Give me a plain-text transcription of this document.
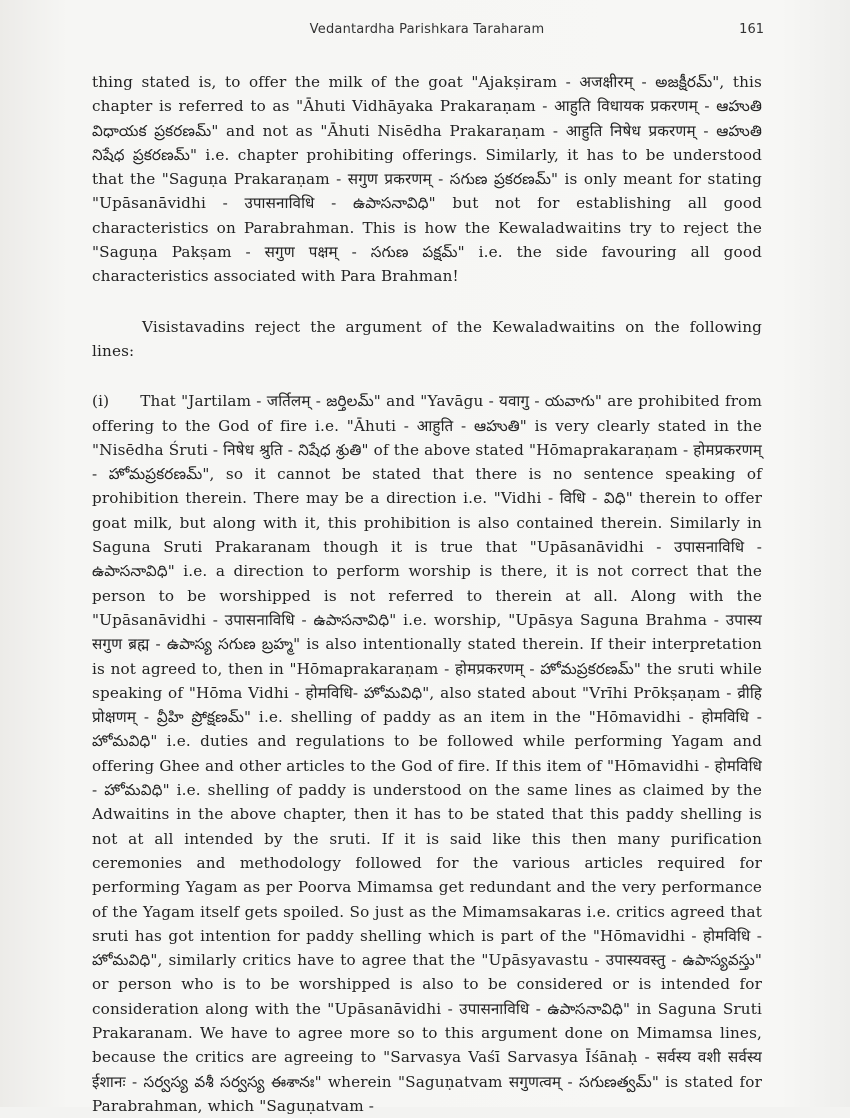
Vedantardha Parishkara Taraharam	161

thing stated is, to offer the milk of the goat "Ajakṣiram - अजक्षीरम् - అజక్షీరమ్", this chapter is referred to as "Āhuti Vidhāyaka Prakaraṇam - आहुति विधायक प्रकरणम् - ఆహుతి విధాయక ప్రకరణమ్" and not as "Āhuti Nisēdha Prakaraṇam - आहुति निषेध प्रकरणम् - ఆహుతి నిషేధ ప్రకరణమ్" i.e. chapter prohibiting offerings. Similarly, it has to be understood that the "Saguṇa Prakaraṇam - सगुण प्रकरणम् - సగుణ ప్రకరణమ్" is only meant for stating "Upāsanāvidhi - उपासनाविधि - ఉపాసనావిధి" but not for establishing all good characteristics on Parabrahman. This is how the Kewaladwaitins try to reject the "Saguṇa Pakṣam - सगुण पक्षम् - సగుణ పక్షమ్" i.e. the side favouring all good characteristics associated with Para Brahman!

Visistavadins reject the argument of the Kewaladwaitins on the following lines:

(i)      That "Jartilam - जर्तिलम् - జర్తిలమ్" and "Yavāgu - यवागु - యవాగు" are prohibited from offering to the God of fire i.e. "Āhuti - आहुति - ఆహుతి" is very clearly stated in the "Nisēdha Śruti - निषेध श्रुति - నిషేధ శ్రుతి" of the above stated "Hōmaprakaraṇam - होमप्रकरणम् - హోమప్రకరణమ్", so it cannot be stated that there is no sentence speaking of prohibition therein. There may be a direction i.e. "Vidhi - विधि - విధి" therein to offer goat milk, but along with it, this prohibition is also contained therein. Similarly in Saguna Sruti Prakaranam though it is true that "Upāsanāvidhi - उपासनाविधि - ఉపాసనావిధి" i.e. a direction to perform worship is there, it is not correct that the person to be worshipped is not referred to therein at all. Along with the "Upāsanāvidhi - उपासनाविधि - ఉపాసనావిధి" i.e. worship, "Upāsya Saguna Brahma - उपास्य सगुण ब्रह्म - ఉపాస్య సగుణ బ్రహ్మ" is also intentionally stated therein. If their interpretation is not agreed to, then in "Hōmaprakaraṇam - होमप्रकरणम् - హోమప్రకరణమ్" the sruti while speaking of "Hōma Vidhi - होमविधि- హోమవిధి", also stated about "Vrīhi Prōkṣaṇam - व्रीहि प्रोक्षणम् - వ్రీహి ప్రోక్షణమ్" i.e. shelling of paddy as an item in the "Hōmavidhi - होमविधि - హోమవిధి" i.e. duties and regulations to be followed while performing Yagam and offering Ghee and other articles to the God of fire. If this item of "Hōmavidhi - होमविधि - హోమవిధి" i.e. shelling of paddy is understood on the same lines as claimed by the Adwaitins in the above chapter, then it has to be stated that this paddy shelling is not at all intended by the sruti. If it is said like this then many purification ceremonies and methodology followed for the various articles required for performing Yagam as per Poorva Mimamsa get redundant and the very performance of the Yagam itself gets spoiled. So just as the Mimamsakaras i.e. critics agreed that sruti has got intention for paddy shelling which is part of the "Hōmavidhi - होमविधि - హోమవిధి", similarly critics have to agree that the "Upāsyavastu - उपास्यवस्तु - ఉపాస్యవస్తు" or person who is to be worshipped is also to be considered or is intended for consideration along with the "Upāsanāvidhi - उपासनाविधि - ఉపాసనావిధి" in Saguna Sruti Prakaranam. We have to agree more so to this argument done on Mimamsa lines, because the critics are agreeing to "Sarvasya Vaśī Sarvasya Īśānaḥ - सर्वस्य वशी सर्वस्य ईशानः - సర్వస్య వశీ సర్వస్య ఈశానః" wherein "Saguṇatvam सगुणत्वम् - సగుణత్వమ్" is stated for Parabrahman, which "Saguṇatvam -
